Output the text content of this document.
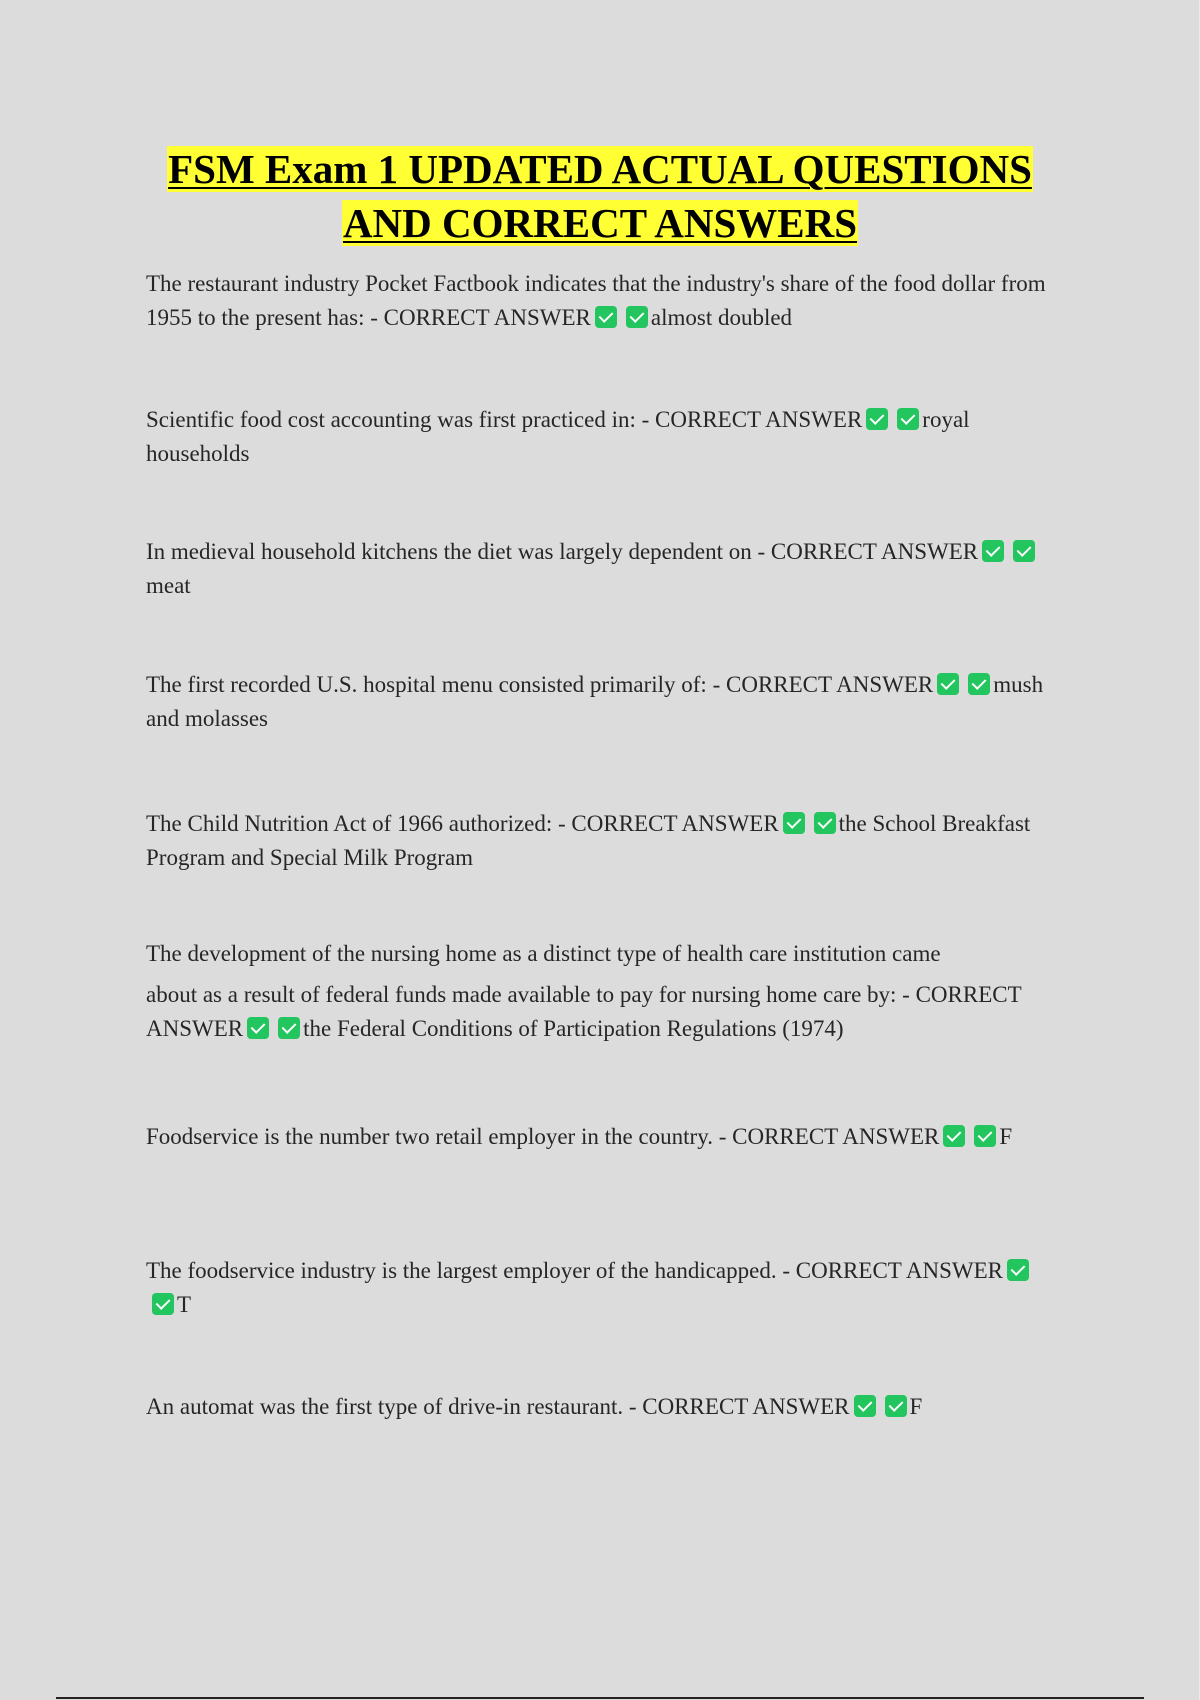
FSM Exam 1 UPDATED ACTUAL QUESTIONS
AND CORRECT ANSWERS

The restaurant industry Pocket Factbook indicates that the industry's share of the food dollar from 1955 to the present has: - CORRECT ANSWER	almost doubled

Scientific food cost accounting was first practiced in: - CORRECT ANSWER	royal households

In medieval household kitchens the diet was largely dependent on - CORRECT ANSWERmeat

The first recorded U.S. hospital menu consisted primarily of: - CORRECT ANSWER	mush and molasses

The Child Nutrition Act of 1966 authorized: - CORRECT ANSWER	the School Breakfast Program and Special Milk Program

The development of the nursing home as a distinct type of health care institution came
about as a result of federal funds made available to pay for nursing home care by: - CORRECT ANSWER	the Federal Conditions of Participation Regulations (1974)

Foodservice is the number two retail employer in the country. - CORRECT ANSWER	F

The foodservice industry is the largest employer of the handicapped. - CORRECT ANSWERT

An automat was the first type of drive-in restaurant. - CORRECT ANSWER	F
